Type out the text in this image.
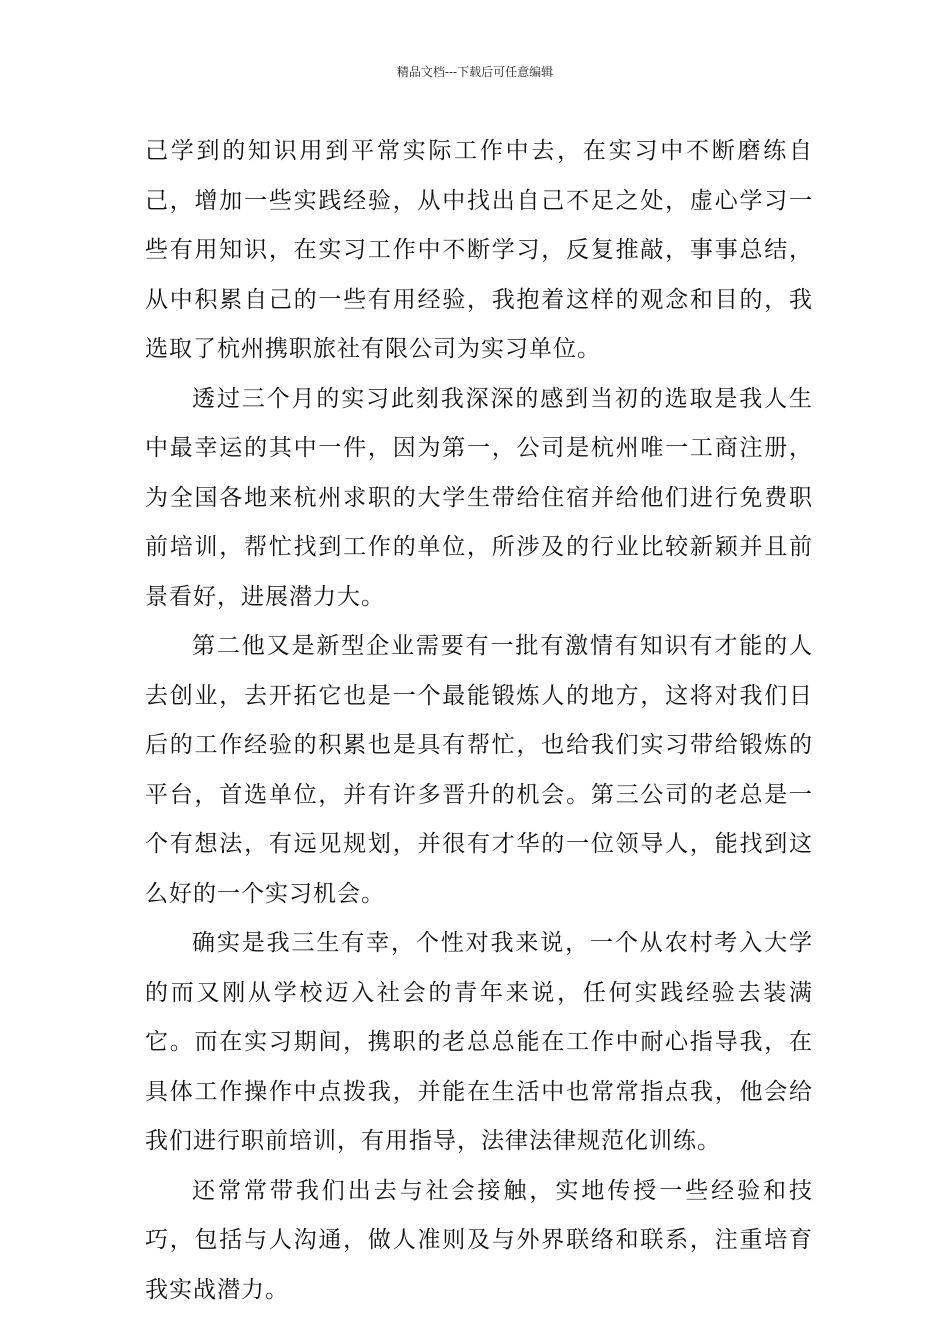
精品文档---下载后可任意编辑

己学到的知识用到平常实际工作中去，在实习中不断磨练自己，增加一些实践经验，从中找出自己不足之处，虚心学习一些有用知识，在实习工作中不断学习，反复推敲，事事总结，从中积累自己的一些有用经验，我抱着这样的观念和目的，我选取了杭州携职旅社有限公司为实习单位。

透过三个月的实习此刻我深深的感到当初的选取是我人生中最幸运的其中一件，因为第一，公司是杭州唯一工商注册，为全国各地来杭州求职的大学生带给住宿并给他们进行免费职前培训，帮忙找到工作的单位，所涉及的行业比较新颖并且前景看好，进展潜力大。

第二他又是新型企业需要有一批有激情有知识有才能的人去创业，去开拓它也是一个最能锻炼人的地方，这将对我们日后的工作经验的积累也是具有帮忙，也给我们实习带给锻炼的平台，首选单位，并有许多晋升的机会。第三公司的老总是一个有想法，有远见规划，并很有才华的一位领导人，能找到这么好的一个实习机会。

确实是我三生有幸，个性对我来说，一个从农村考入大学的而又刚从学校迈入社会的青年来说，任何实践经验去装满它。而在实习期间，携职的老总总能在工作中耐心指导我，在具体工作操作中点拨我，并能在生活中也常常指点我，他会给我们进行职前培训，有用指导，法律法律规范化训练。

还常常带我们出去与社会接触，实地传授一些经验和技巧，包括与人沟通，做人准则及与外界联络和联系，注重培育我实战潜力。
